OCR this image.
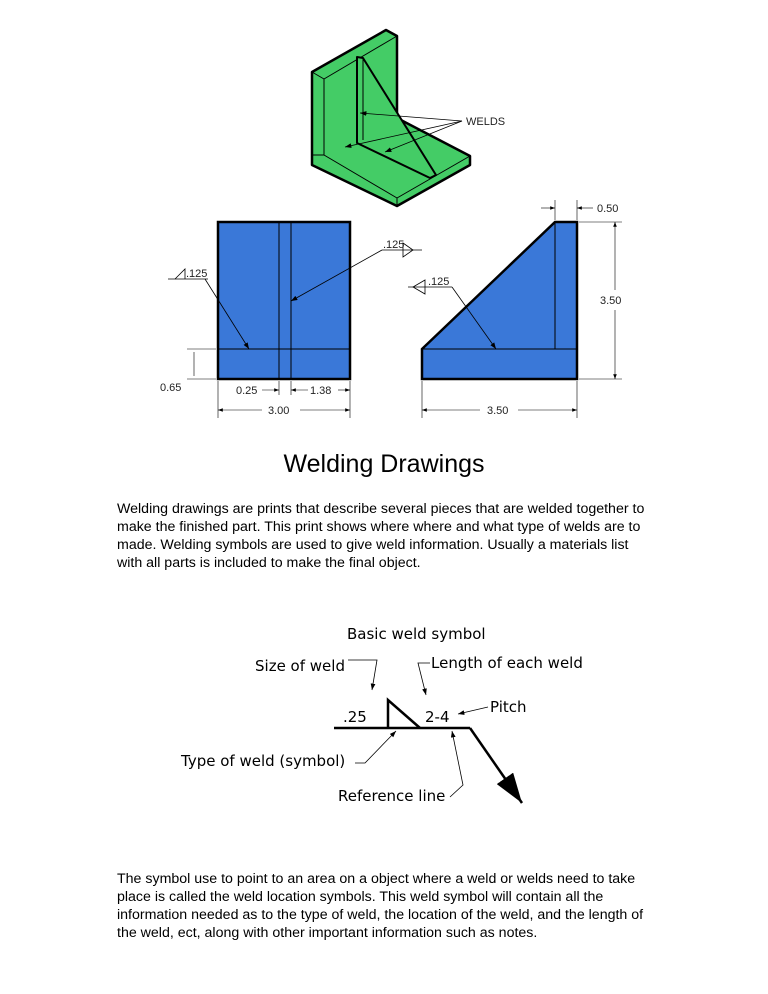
WELDS
.125
.125
0.65	0.25	1.38
3.00
.125
0.50
3.50
3.50
Basic weld symbol
Size of weld	Length of each weld
Pitch
Type of weld (symbol)
Reference line
.25	2-4
Welding Drawings

Welding drawings are prints that describe several pieces that are welded together to make the finished part. This print shows where where and what type of welds are to made. Welding symbols are used to give weld information. Usually a materials list with all parts is included to make the final object.

The symbol use to point to an area on a object where a weld or welds need to take place is called the weld location symbols. This weld symbol will contain all the information needed as to the type of weld, the location of the weld, and the length of the weld, ect, along with other important information such as notes.
